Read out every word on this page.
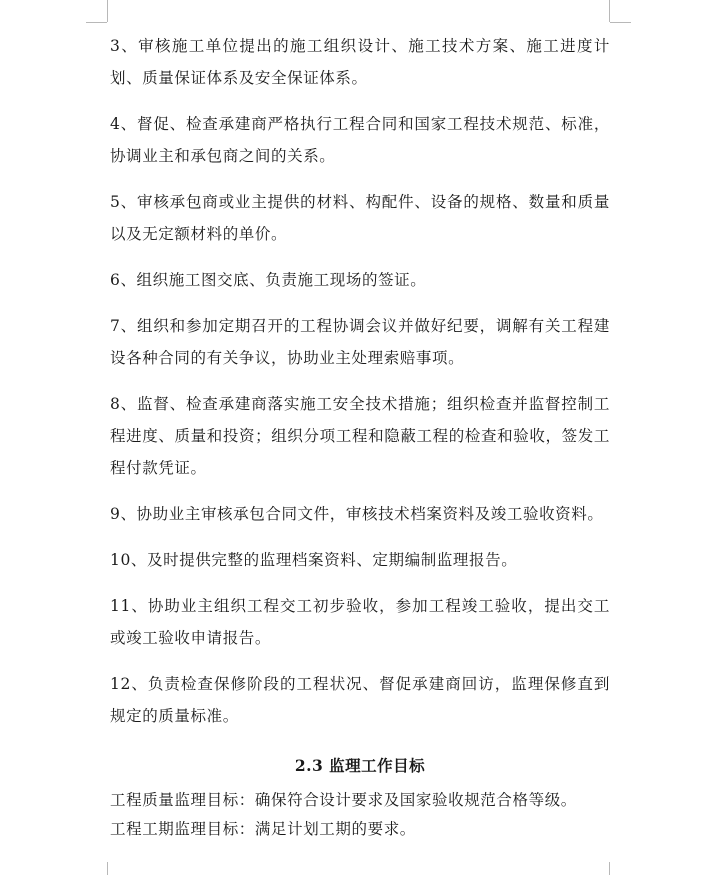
3、审核施工单位提出的施工组织设计、施工技术方案、施工进度计划、质量保证体系及安全保证体系。

4、督促、检查承建商严格执行工程合同和国家工程技术规范、标准，协调业主和承包商之间的关系。

5、审核承包商或业主提供的材料、构配件、设备的规格、数量和质量以及无定额材料的单价。

6、组织施工图交底、负责施工现场的签证。

7、组织和参加定期召开的工程协调会议并做好纪要，调解有关工程建设各种合同的有关争议，协助业主处理索赔事项。

8、监督、检查承建商落实施工安全技术措施；组织检查并监督控制工程进度、质量和投资；组织分项工程和隐蔽工程的检查和验收，签发工程付款凭证。

9、协助业主审核承包合同文件，审核技术档案资料及竣工验收资料。

10、及时提供完整的监理档案资料、定期编制监理报告。

11、协助业主组织工程交工初步验收，参加工程竣工验收，提出交工或竣工验收申请报告。

12、负责检查保修阶段的工程状况、督促承建商回访，监理保修直到规定的质量标准。

2.3 监理工作目标

工程质量监理目标：确保符合设计要求及国家验收规范合格等级。

工程工期监理目标：满足计划工期的要求。
